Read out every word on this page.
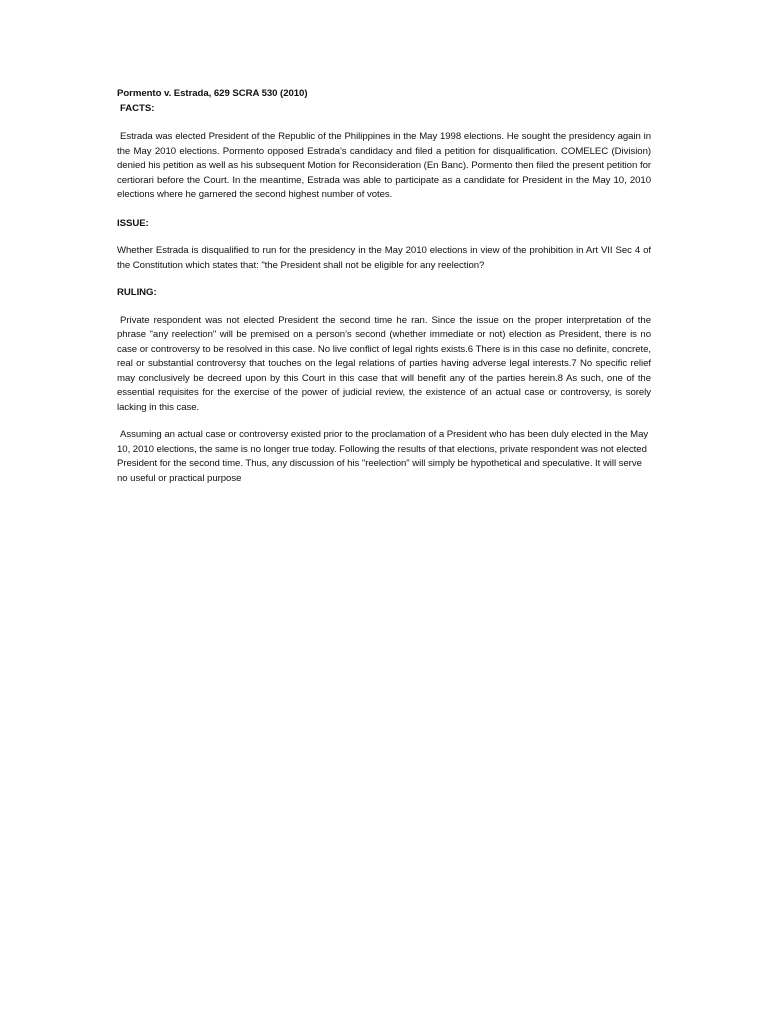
Pormento v. Estrada, 629 SCRA 530 (2010)

FACTS:

Estrada was elected President of the Republic of the Philippines in the May 1998 elections. He sought the presidency again in the May 2010 elections. Pormento opposed Estrada’s candidacy and filed a petition for disqualification. COMELEC (Division) denied his petition as well as his subsequent Motion for Reconsideration (En Banc). Pormento then filed the present petition for certiorari before the Court. In the meantime, Estrada was able to participate as a candidate for President in the May 10, 2010 elections where he garnered the second highest number of votes.

ISSUE:

Whether Estrada is disqualified to run for the presidency in the May 2010 elections in view of the prohibition in Art VII Sec 4 of the Constitution which states that: "the President shall not be eligible for any reelection?

RULING:

Private respondent was not elected President the second time he ran. Since the issue on the proper interpretation of the phrase "any reelection" will be premised on a person’s second (whether immediate or not) election as President, there is no case or controversy to be resolved in this case. No live conflict of legal rights exists.6 There is in this case no definite, concrete, real or substantial controversy that touches on the legal relations of parties having adverse legal interests.7 No specific relief may conclusively be decreed upon by this Court in this case that will benefit any of the parties herein.8 As such, one of the essential requisites for the exercise of the power of judicial review, the existence of an actual case or controversy, is sorely lacking in this case.

Assuming an actual case or controversy existed prior to the proclamation of a President who has been duly elected in the May 10, 2010 elections, the same is no longer true today. Following the results of that elections, private respondent was not elected President for the second time. Thus, any discussion of his "reelection" will simply be hypothetical and speculative. It will serve no useful or practical purpose
